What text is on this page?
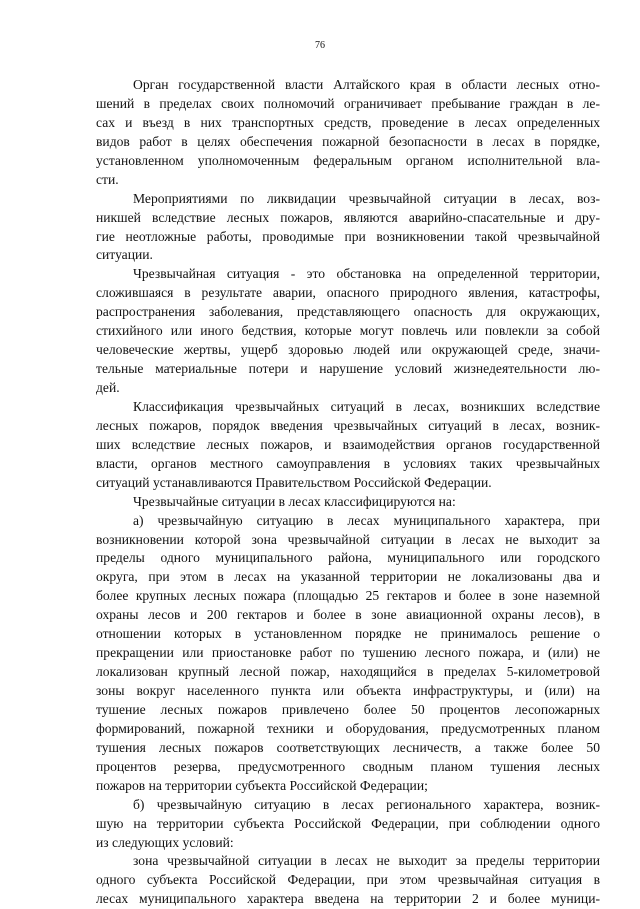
76
Орган государственной власти Алтайского края в области лесных отно-
шений в пределах своих полномочий ограничивает пребывание граждан в ле-
сах и въезд в них транспортных средств, проведение в лесах определенных
видов работ в целях обеспечения пожарной безопасности в лесах в порядке,
установленном уполномоченным федеральным органом исполнительной вла-
сти.
Мероприятиями по ликвидации чрезвычайной ситуации в лесах, воз-
никшей вследствие лесных пожаров, являются аварийно-спасательные и дру-
гие неотложные работы, проводимые при возникновении такой чрезвычайной
ситуации.
Чрезвычайная ситуация - это обстановка на определенной территории,
сложившаяся в результате аварии, опасного природного явления, катастрофы,
распространения заболевания, представляющего опасность для окружающих,
стихийного или иного бедствия, которые могут повлечь или повлекли за собой
человеческие жертвы, ущерб здоровью людей или окружающей среде, значи-
тельные материальные потери и нарушение условий жизнедеятельности лю-
дей.
Классификация чрезвычайных ситуаций в лесах, возникших вследствие
лесных пожаров, порядок введения чрезвычайных ситуаций в лесах, возник-
ших вследствие лесных пожаров, и взаимодействия органов государственной
власти, органов местного самоуправления в условиях таких чрезвычайных
ситуаций устанавливаются Правительством Российской Федерации.
Чрезвычайные ситуации в лесах классифицируются на:
а) чрезвычайную ситуацию в лесах муниципального характера, при
возникновении которой зона чрезвычайной ситуации в лесах не выходит за
пределы одного муниципального района, муниципального или городского
округа, при этом в лесах на указанной территории не локализованы два и
более крупных лесных пожара (площадью 25 гектаров и более в зоне наземной
охраны лесов и 200 гектаров и более в зоне авиационной охраны лесов), в
отношении которых в установленном порядке не принималось решение о
прекращении или приостановке работ по тушению лесного пожара, и (или) не
локализован крупный лесной пожар, находящийся в пределах 5-километровой
зоны вокруг населенного пункта или объекта инфраструктуры, и (или) на
тушение лесных пожаров привлечено более 50 процентов лесопожарных
формирований, пожарной техники и оборудования, предусмотренных планом
тушения лесных пожаров соответствующих лесничеств, а также более 50
процентов резерва, предусмотренного сводным планом тушения лесных
пожаров на территории субъекта Российской Федерации;
б) чрезвычайную ситуацию в лесах регионального характера, возник-
шую на территории субъекта Российской Федерации, при соблюдении одного
из следующих условий:
зона чрезвычайной ситуации в лесах не выходит за пределы территории
одного субъекта Российской Федерации, при этом чрезвычайная ситуация в
лесах муниципального характера введена на территории 2 и более муници-
